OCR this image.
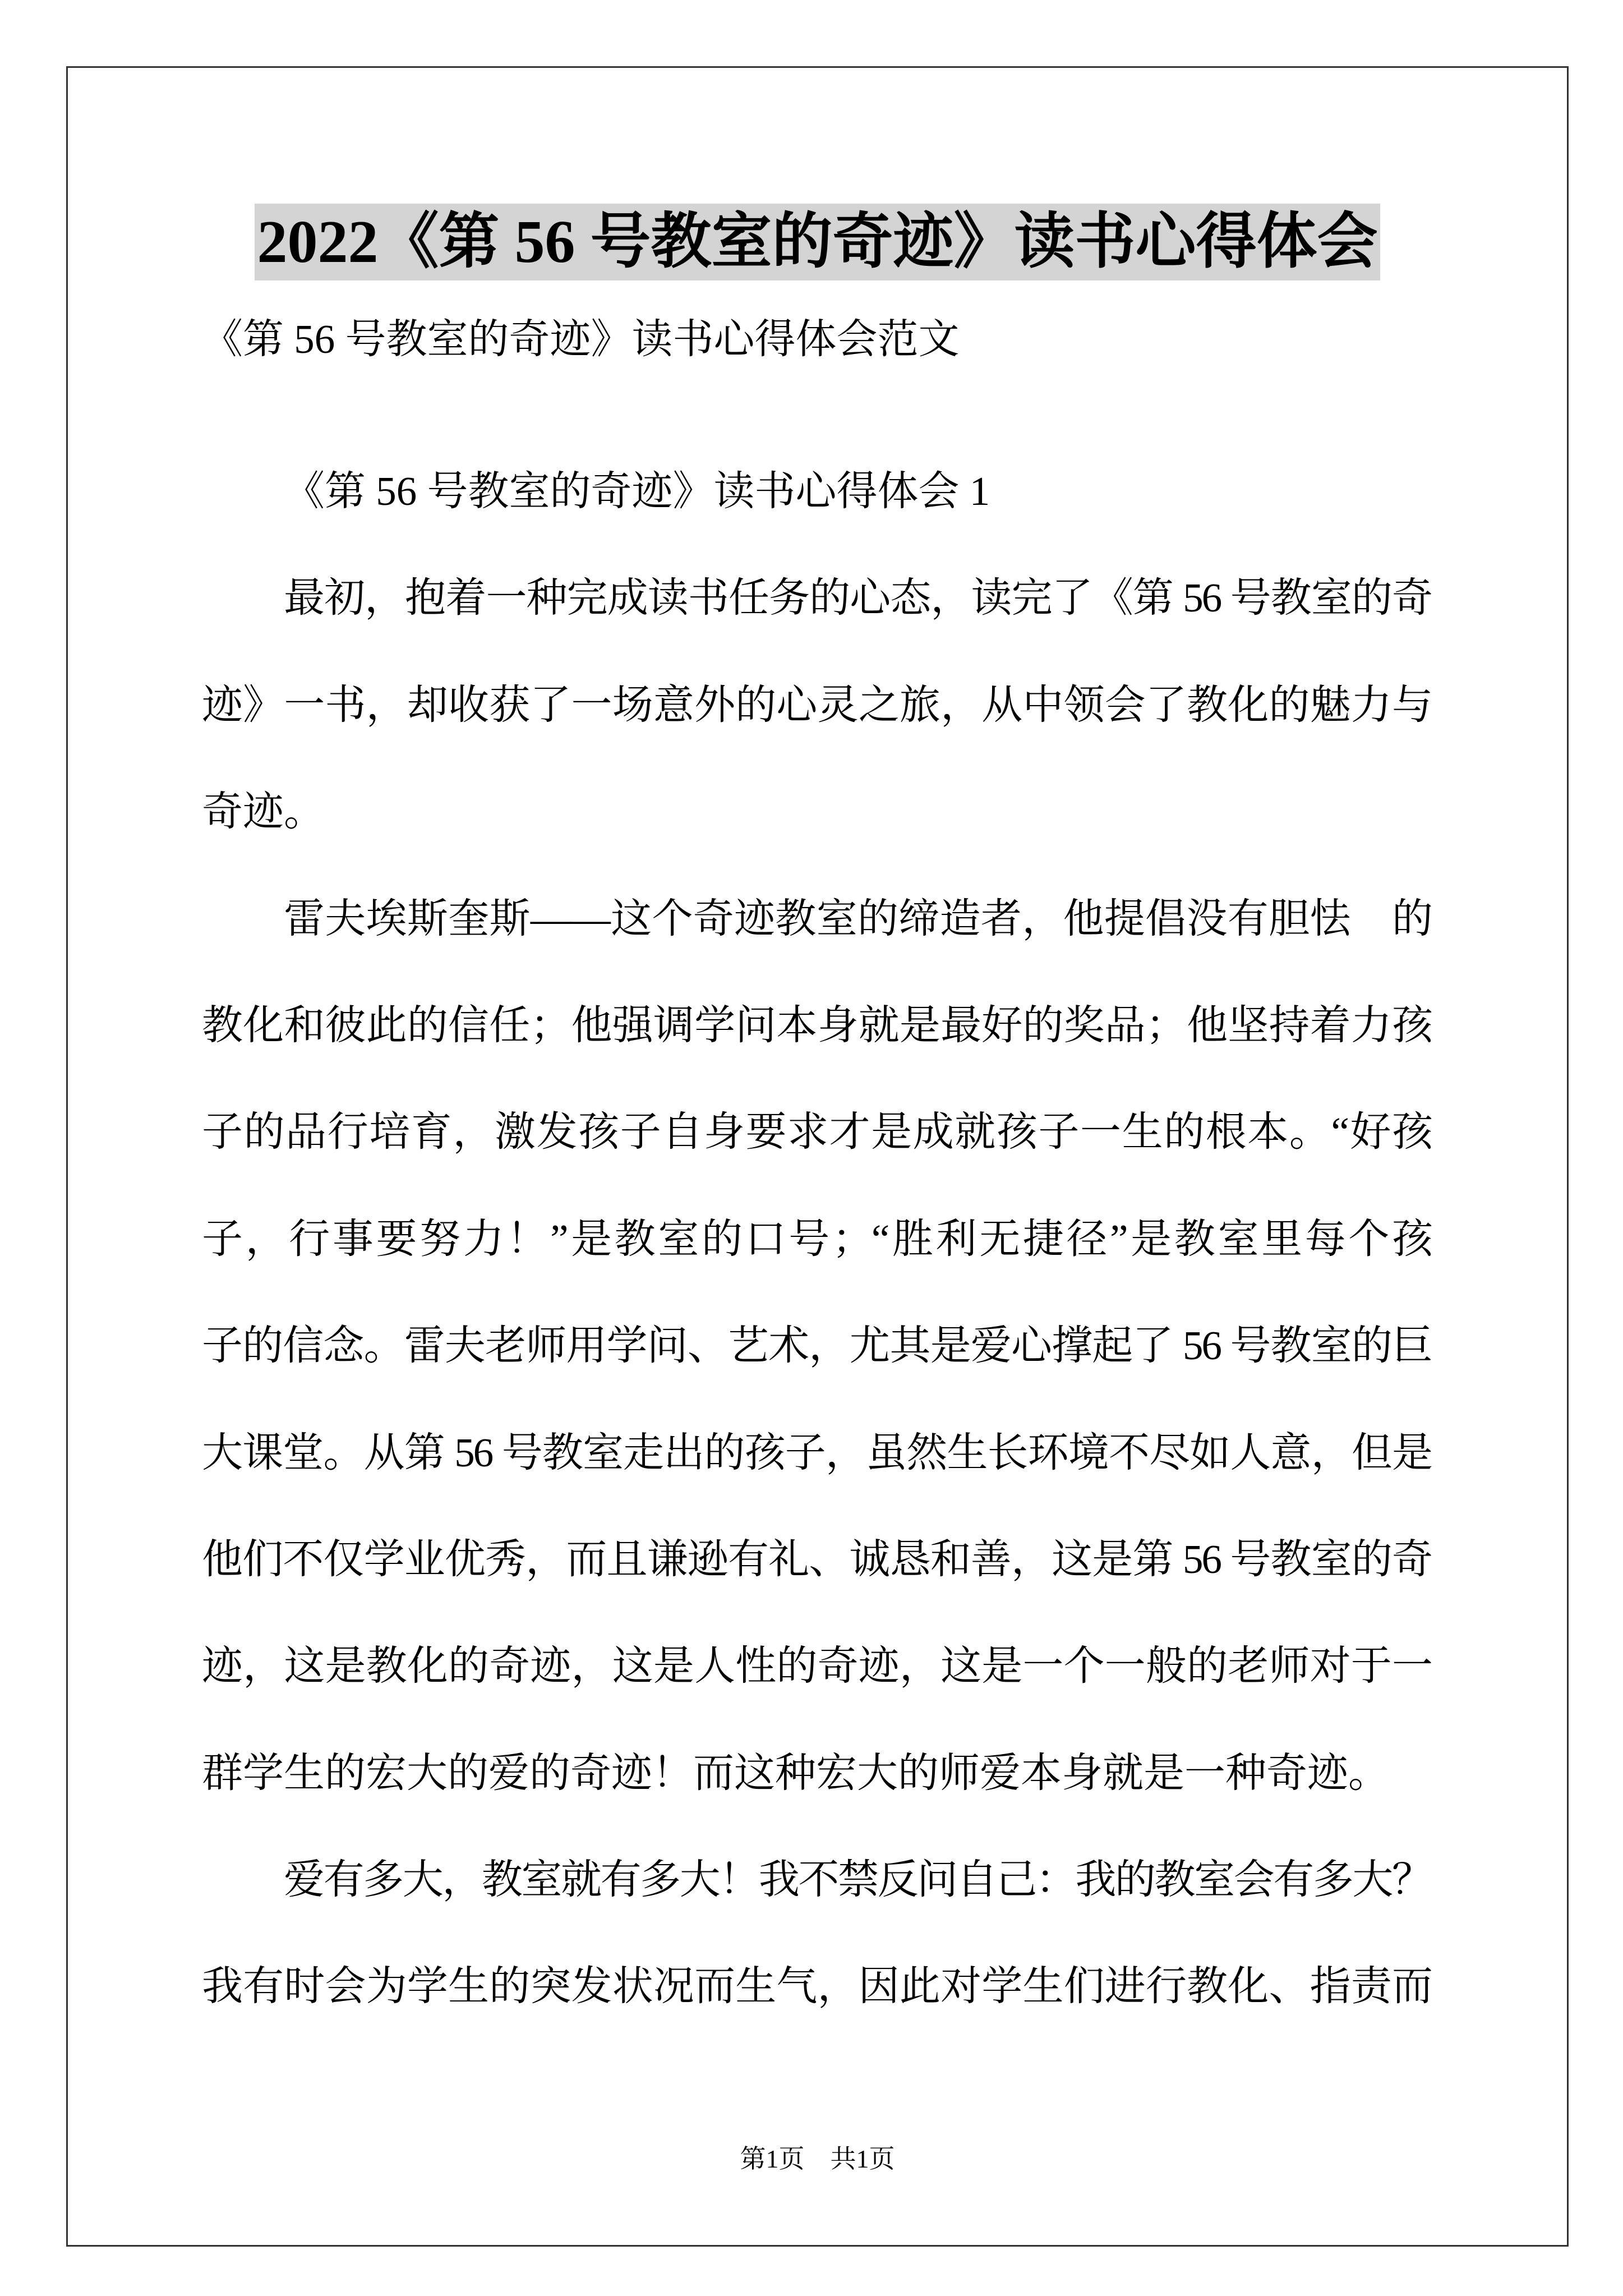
2022《第 56 号教室的奇迹》读书心得体会
《第 56 号教室的奇迹》读书心得体会范文
《第 56 号教室的奇迹》读书心得体会 1
最初，抱着一种完成读书任务的心态，读完了《第 56 号教室的奇
迹》一书，却收获了一场意外的心灵之旅，从中领会了教化的魅力与
奇迹。
雷夫埃斯奎斯——这个奇迹教室的缔造者，他提倡没有胆怯　的
教化和彼此的信任；他强调学问本身就是最好的奖品；他坚持着力孩
子的品行培育，激发孩子自身要求才是成就孩子一生的根本。“好孩
子，行事要努力！”是教室的口号；“胜利无捷径”是教室里每个孩
子的信念。雷夫老师用学问、艺术，尤其是爱心撑起了 56 号教室的巨
大课堂。从第 56 号教室走出的孩子，虽然生长环境不尽如人意，但是
他们不仅学业优秀，而且谦逊有礼、诚恳和善，这是第 56 号教室的奇
迹，这是教化的奇迹，这是人性的奇迹，这是一个一般的老师对于一
群学生的宏大的爱的奇迹！而这种宏大的师爱本身就是一种奇迹。
爱有多大，教室就有多大！我不禁反问自己：我的教室会有多大？
我有时会为学生的突发状况而生气，因此对学生们进行教化、指责而
第1页　共1页
